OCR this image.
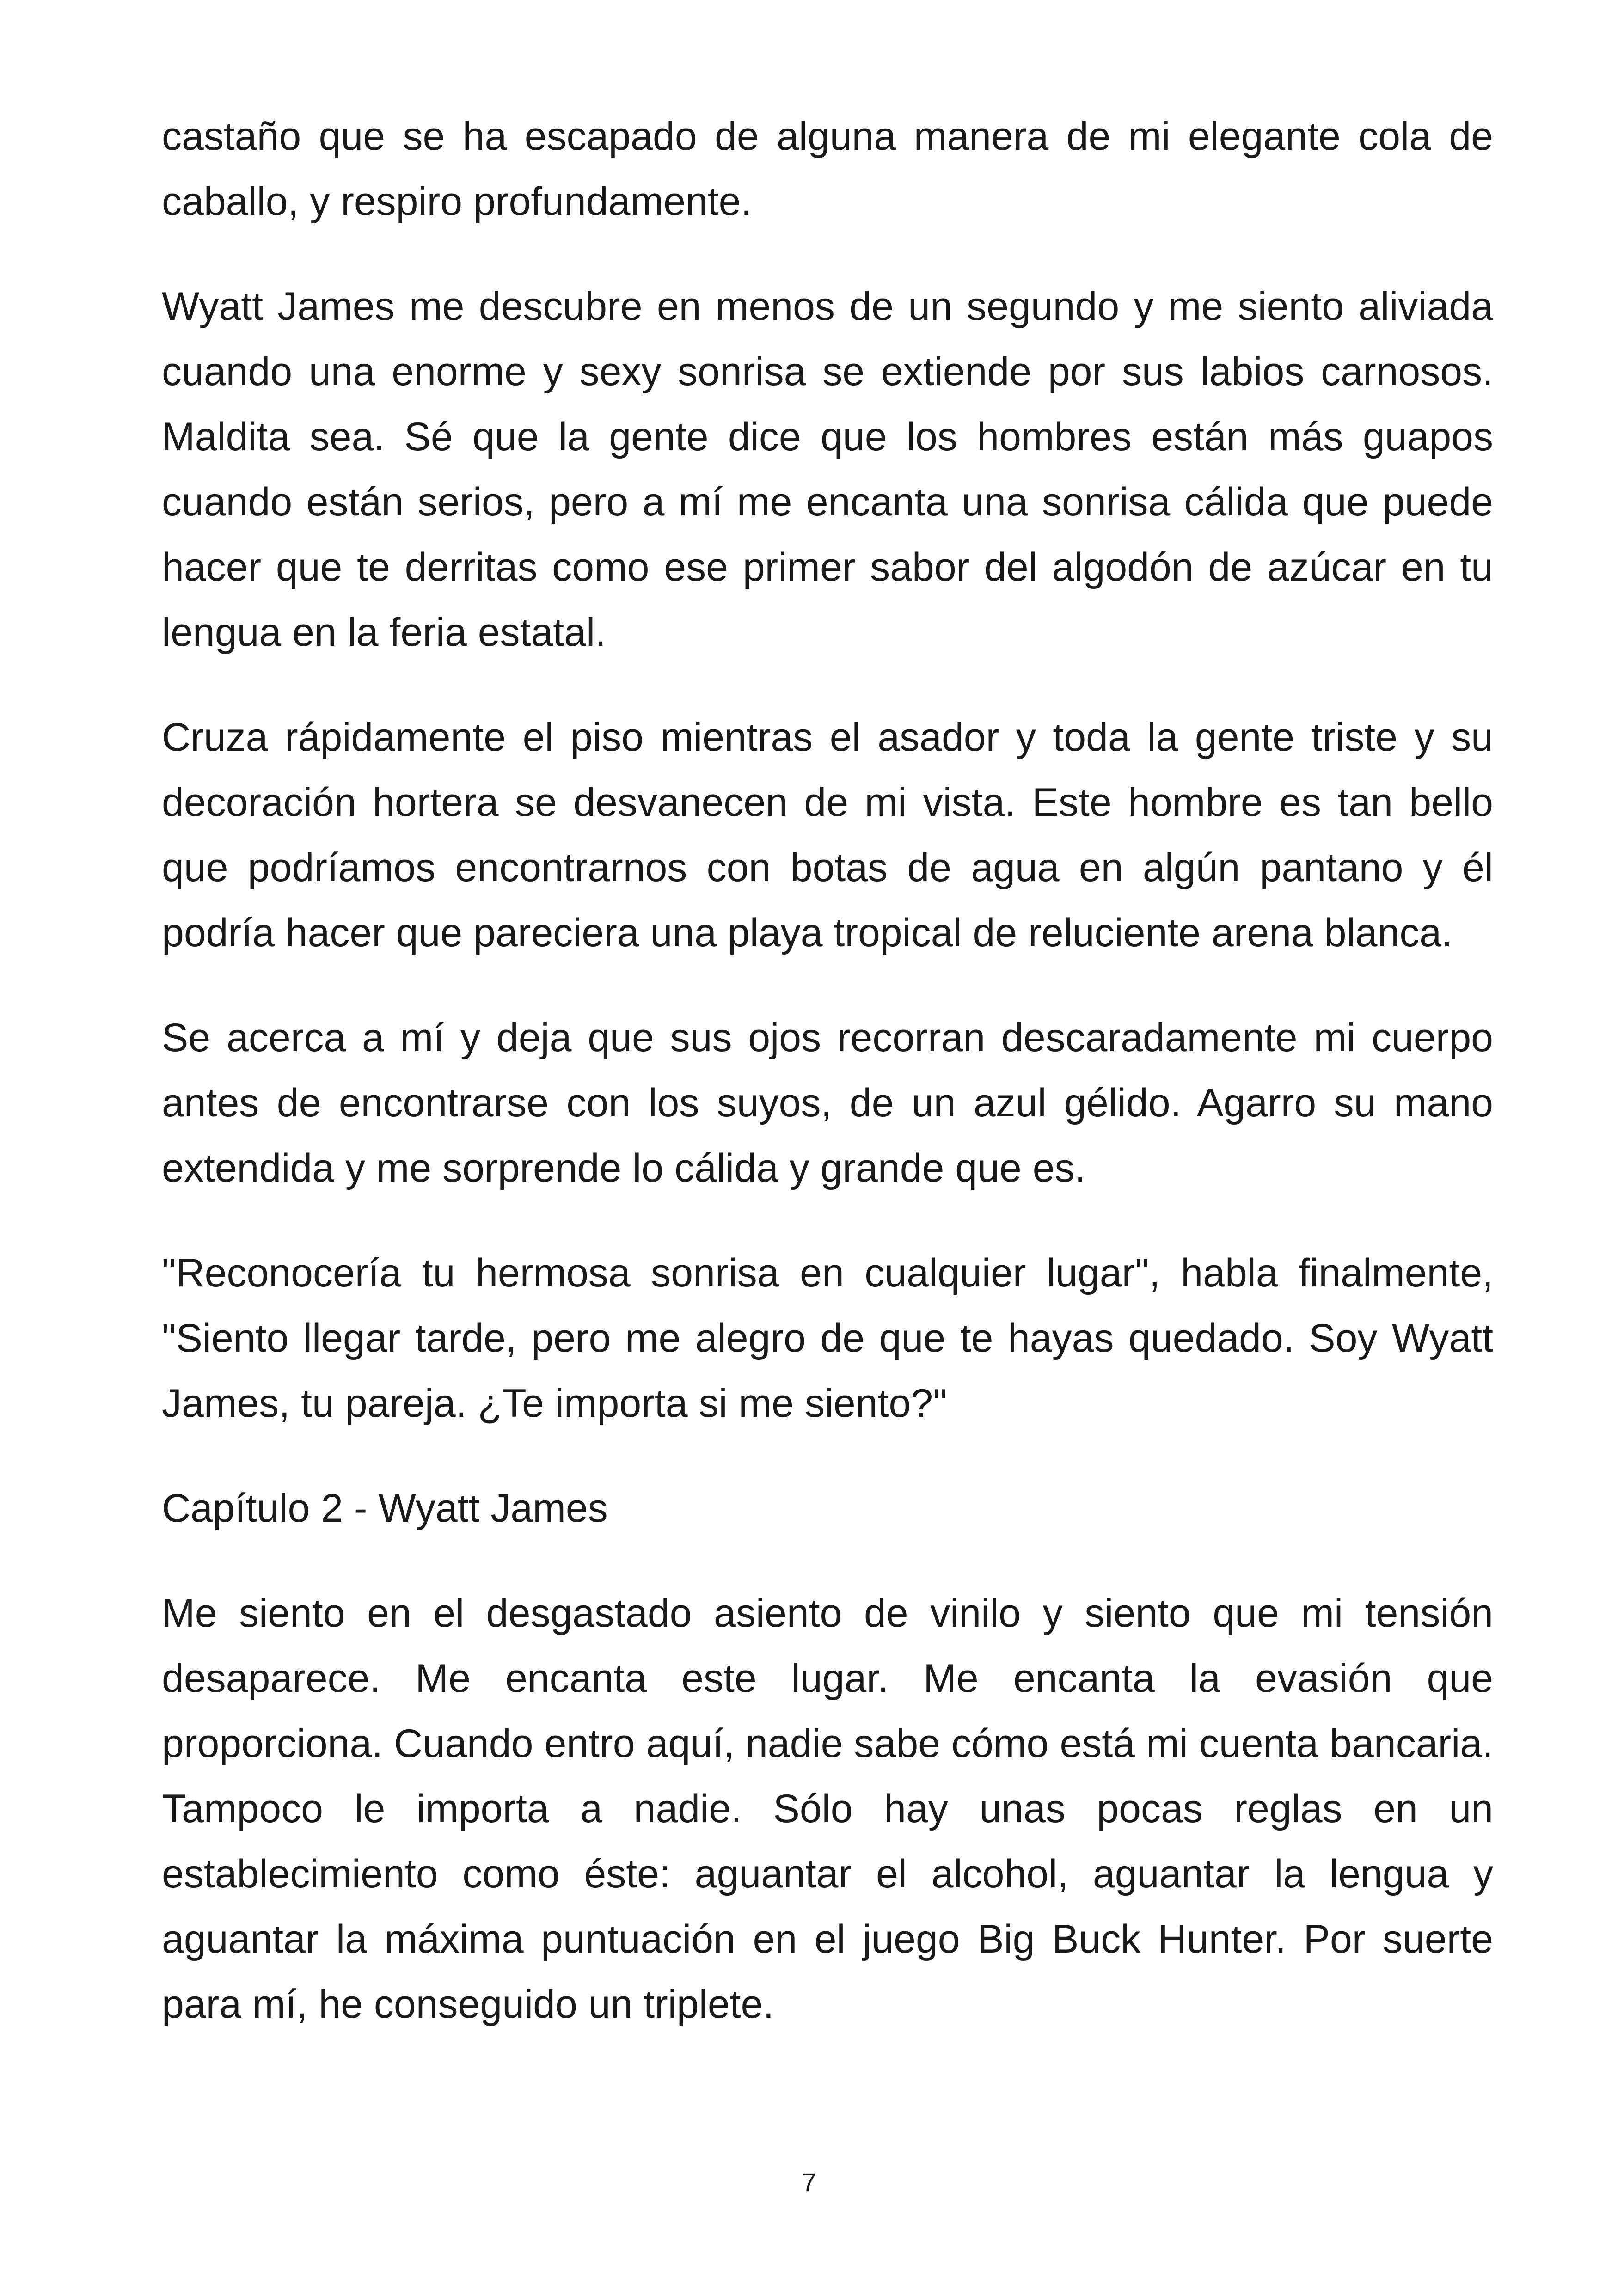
castaño que se ha escapado de alguna manera de mi elegante cola de caballo, y respiro profundamente.

Wyatt James me descubre en menos de un segundo y me siento aliviada cuando una enorme y sexy sonrisa se extiende por sus labios carnosos. Maldita sea. Sé que la gente dice que los hombres están más guapos cuando están serios, pero a mí me encanta una sonrisa cálida que puede hacer que te derritas como ese primer sabor del algodón de azúcar en tu lengua en la feria estatal.

Cruza rápidamente el piso mientras el asador y toda la gente triste y su decoración hortera se desvanecen de mi vista. Este hombre es tan bello que podríamos encontrarnos con botas de agua en algún pantano y él podría hacer que pareciera una playa tropical de reluciente arena blanca.

Se acerca a mí y deja que sus ojos recorran descaradamente mi cuerpo antes de encontrarse con los suyos, de un azul gélido. Agarro su mano extendida y me sorprende lo cálida y grande que es.

"Reconocería tu hermosa sonrisa en cualquier lugar", habla finalmente, "Siento llegar tarde, pero me alegro de que te hayas quedado. Soy Wyatt James, tu pareja. ¿Te importa si me siento?"

Capítulo 2 - Wyatt James

Me siento en el desgastado asiento de vinilo y siento que mi tensión desaparece. Me encanta este lugar. Me encanta la evasión que proporciona. Cuando entro aquí, nadie sabe cómo está mi cuenta bancaria. Tampoco le importa a nadie. Sólo hay unas pocas reglas en un establecimiento como éste: aguantar el alcohol, aguantar la lengua y aguantar la máxima puntuación en el juego Big Buck Hunter. Por suerte para mí, he conseguido un triplete.

7
